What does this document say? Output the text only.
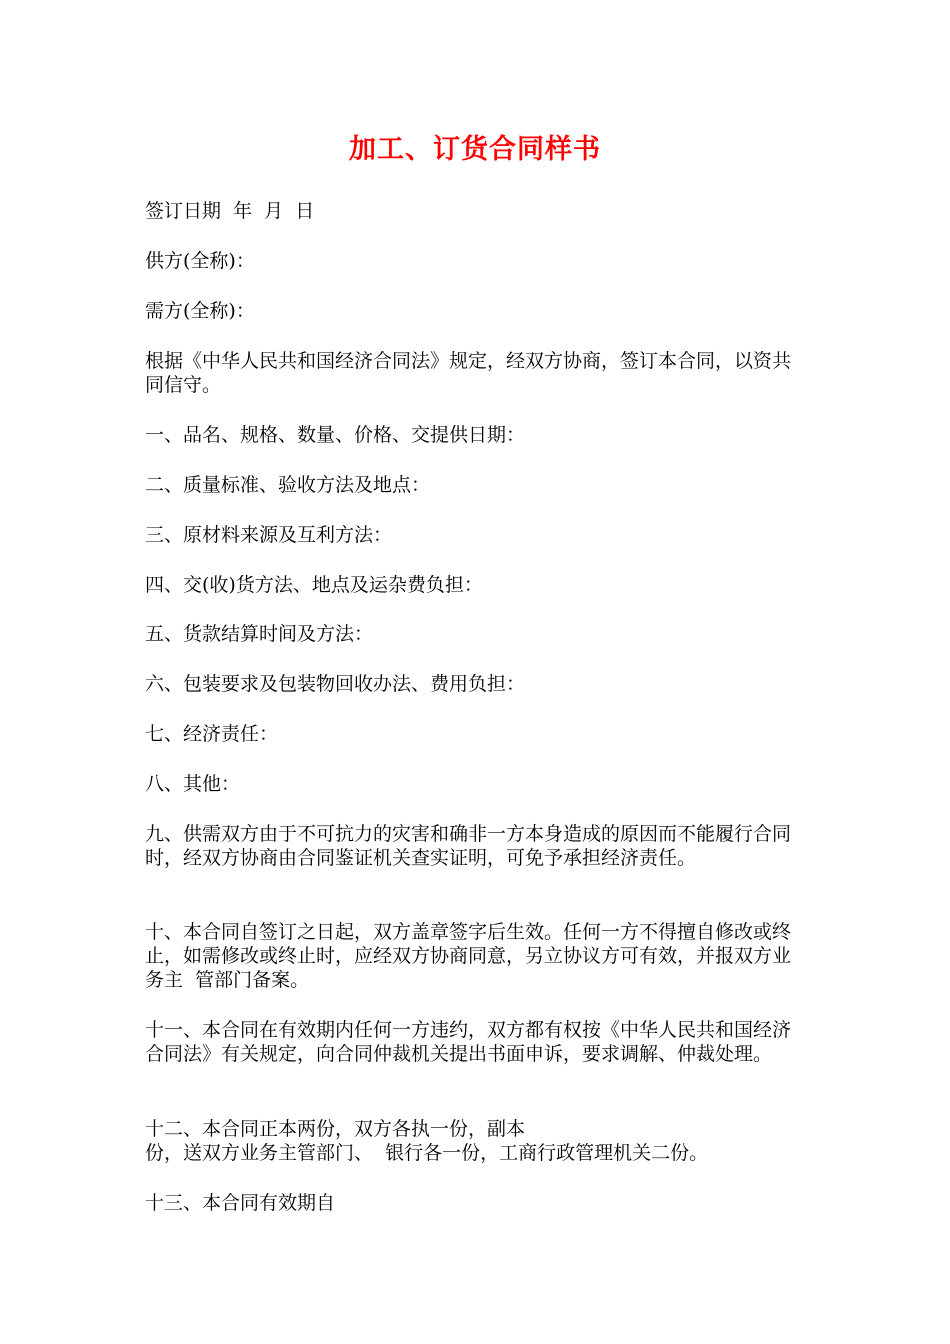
加工、订货合同样书

签订日期  年  月  日

供方(全称)：

需方(全称)：

根据《中华人民共和国经济合同法》规定，经双方协商，签订本合同，以资共同信守。

一、品名、规格、数量、价格、交提供日期：

二、质量标准、验收方法及地点：

三、原材料来源及互利方法：

四、交(收)货方法、地点及运杂费负担：

五、货款结算时间及方法：

六、包装要求及包装物回收办法、费用负担：

七、经济责任：

八、其他：

九、供需双方由于不可抗力的灾害和确非一方本身造成的原因而不能履行合同时，经双方协商由合同鉴证机关查实证明，可免予承担经济责任。

十、本合同自签订之日起，双方盖章签字后生效。任何一方不得擅自修改或终  止，如需修改或终止时，应经双方协商同意，另立协议方可有效，并报双方业务主  管部门备案。

十一、本合同在有效期内任何一方违约，双方都有权按《中华人民共和国经济  合同法》有关规定，向合同仲裁机关提出书面申诉，要求调解、仲裁处理。

十二、本合同正本两份，双方各执一份，副本
份，送双方业务主管部门、  银行各一份，工商行政管理机关二份。

十三、本合同有效期自
